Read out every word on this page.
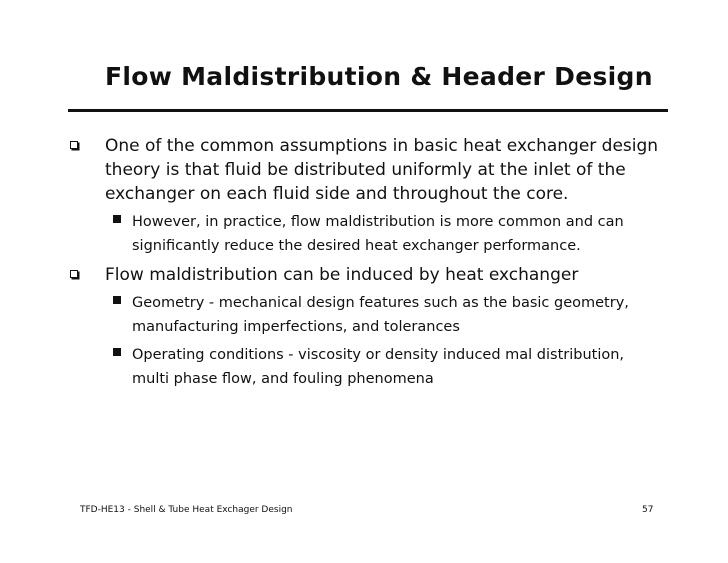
Flow Maldistribution & Header Design
One of the common assumptions in basic heat exchanger design
theory is that fluid be distributed uniformly at the inlet of the
exchanger on each fluid side and throughout the core.
However, in practice, flow maldistribution is more common and can
significantly reduce the desired heat exchanger performance.
Flow maldistribution can be induced by heat exchanger
Geometry - mechanical design features such as the basic geometry,
manufacturing imperfections, and tolerances
Operating conditions - viscosity or density induced mal distribution,
multi phase flow, and fouling phenomena
TFD-HE13 - Shell & Tube Heat Exchager Design	57
